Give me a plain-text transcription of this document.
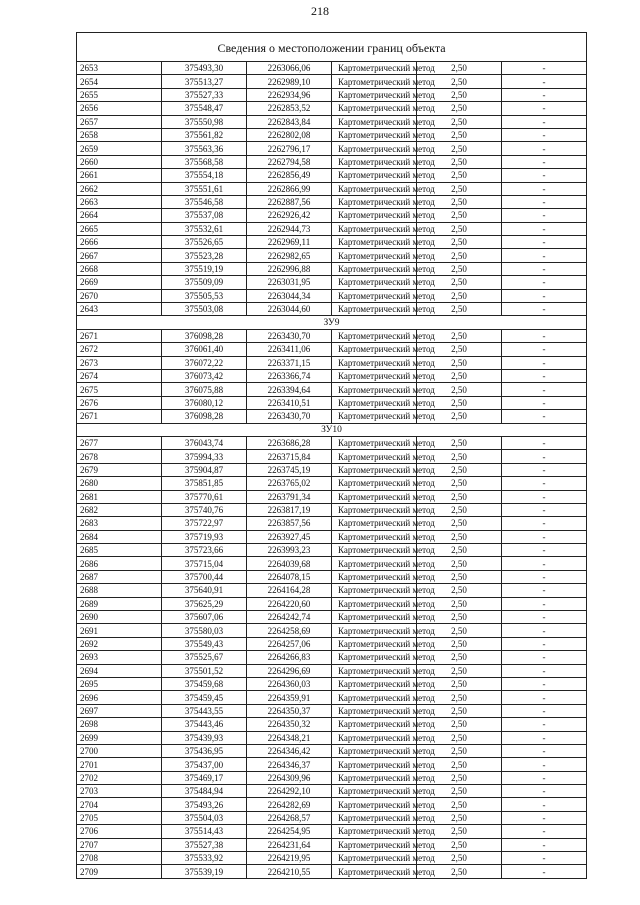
218
Сведения о местоположении границ объекта					
2653	375493,30	2263066,06	Картометрический метод	2,50	-
2654	375513,27	2262989,10	Картометрический метод	2,50	-
2655	375527,33	2262934,96	Картометрический метод	2,50	-
2656	375548,47	2262853,52	Картометрический метод	2,50	-
2657	375550,98	2262843,84	Картометрический метод	2,50	-
2658	375561,82	2262802,08	Картометрический метод	2,50	-
2659	375563,36	2262796,17	Картометрический метод	2,50	-
2660	375568,58	2262794,58	Картометрический метод	2,50	-
2661	375554,18	2262856,49	Картометрический метод	2,50	-
2662	375551,61	2262866,99	Картометрический метод	2,50	-
2663	375546,58	2262887,56	Картометрический метод	2,50	-
2664	375537,08	2262926,42	Картометрический метод	2,50	-
2665	375532,61	2262944,73	Картометрический метод	2,50	-
2666	375526,65	2262969,11	Картометрический метод	2,50	-
2667	375523,28	2262982,65	Картометрический метод	2,50	-
2668	375519,19	2262996,88	Картометрический метод	2,50	-
2669	375509,09	2263031,95	Картометрический метод	2,50	-
2670	375505,53	2263044,34	Картометрический метод	2,50	-
2643	375503,08	2263044,60	Картометрический метод	2,50	-
ЗУ9					
2671	376098,28	2263430,70	Картометрический метод	2,50	-
2672	376061,40	2263411,06	Картометрический метод	2,50	-
2673	376072,22	2263371,15	Картометрический метод	2,50	-
2674	376073,42	2263366,74	Картометрический метод	2,50	-
2675	376075,88	2263394,64	Картометрический метод	2,50	-
2676	376080,12	2263410,51	Картометрический метод	2,50	-
2671	376098,28	2263430,70	Картометрический метод	2,50	-
ЗУ10					
2677	376043,74	2263686,28	Картометрический метод	2,50	-
2678	375994,33	2263715,84	Картометрический метод	2,50	-
2679	375904,87	2263745,19	Картометрический метод	2,50	-
2680	375851,85	2263765,02	Картометрический метод	2,50	-
2681	375770,61	2263791,34	Картометрический метод	2,50	-
2682	375740,76	2263817,19	Картометрический метод	2,50	-
2683	375722,97	2263857,56	Картометрический метод	2,50	-
2684	375719,93	2263927,45	Картометрический метод	2,50	-
2685	375723,66	2263993,23	Картометрический метод	2,50	-
2686	375715,04	2264039,68	Картометрический метод	2,50	-
2687	375700,44	2264078,15	Картометрический метод	2,50	-
2688	375640,91	2264164,28	Картометрический метод	2,50	-
2689	375625,29	2264220,60	Картометрический метод	2,50	-
2690	375607,06	2264242,74	Картометрический метод	2,50	-
2691	375580,03	2264258,69	Картометрический метод	2,50	-
2692	375549,43	2264257,06	Картометрический метод	2,50	-
2693	375525,67	2264266,83	Картометрический метод	2,50	-
2694	375501,52	2264296,69	Картометрический метод	2,50	-
2695	375459,68	2264360,03	Картометрический метод	2,50	-
2696	375459,45	2264359,91	Картометрический метод	2,50	-
2697	375443,55	2264350,37	Картометрический метод	2,50	-
2698	375443,46	2264350,32	Картометрический метод	2,50	-
2699	375439,93	2264348,21	Картометрический метод	2,50	-
2700	375436,95	2264346,42	Картометрический метод	2,50	-
2701	375437,00	2264346,37	Картометрический метод	2,50	-
2702	375469,17	2264309,96	Картометрический метод	2,50	-
2703	375484,94	2264292,10	Картометрический метод	2,50	-
2704	375493,26	2264282,69	Картометрический метод	2,50	-
2705	375504,03	2264268,57	Картометрический метод	2,50	-
2706	375514,43	2264254,95	Картометрический метод	2,50	-
2707	375527,38	2264231,64	Картометрический метод	2,50	-
2708	375533,92	2264219,95	Картометрический метод	2,50	-
2709	375539,19	2264210,55	Картометрический метод	2,50	-
